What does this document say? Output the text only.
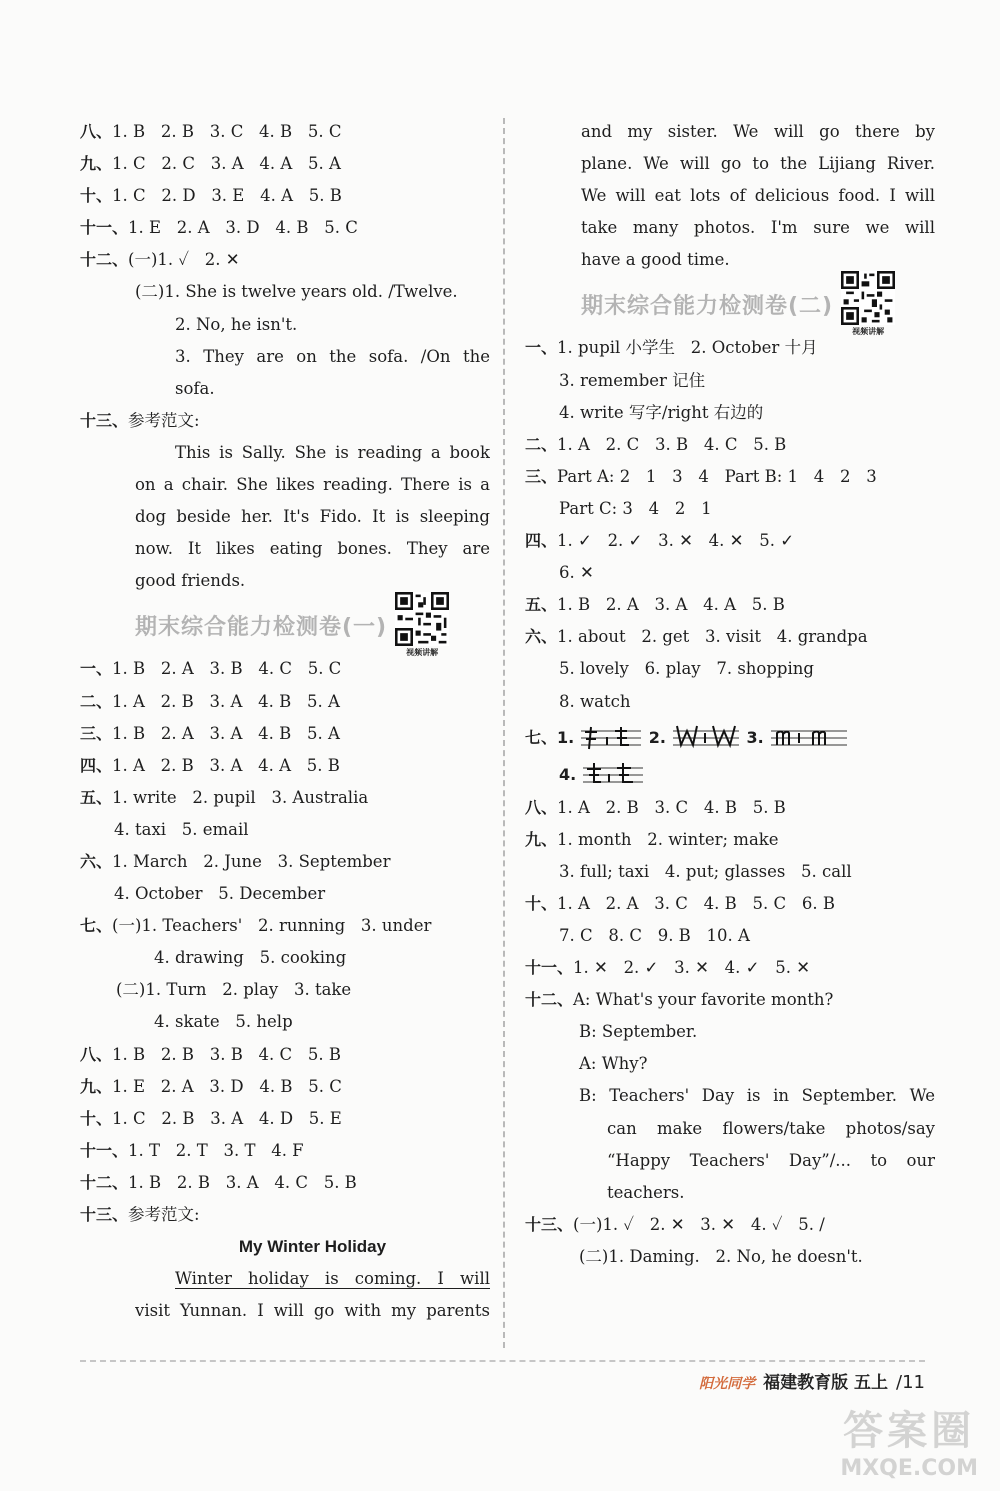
八、1. B   2. B   3. C   4. B   5. C
九、1. C   2. C   3. A   4. A   5. A
十、1. C   2. D   3. E   4. A   5. B
十一、1. E   2. A   3. D   4. B   5. C
十二、(一)1. ✓   2. ✕
(二)1. She is twelve years old. /Twelve.
2. No, he isn't.
3. They are on the sofa. /On the
sofa.
十三、参考范文:
This is Sally. She is reading a book
on a chair. She likes reading. There is a
dog beside her. It's Fido. It is sleeping
now. It likes eating bones. They are
good friends.
期末综合能力检测卷(一)
视频讲解
一、1. B   2. A   3. B   4. C   5. C
二、1. A   2. B   3. A   4. B   5. A
三、1. B   2. A   3. A   4. B   5. A
四、1. A   2. B   3. A   4. A   5. B
五、1. write   2. pupil   3. Australia
4. taxi   5. email
六、1. March   2. June   3. September
4. October   5. December
七、(一)1. Teachers'   2. running   3. under
4. drawing   5. cooking
(二)1. Turn   2. play   3. take
4. skate   5. help
八、1. B   2. B   3. B   4. C   5. B
九、1. E   2. A   3. D   4. B   5. C
十、1. C   2. B   3. A   4. D   5. E
十一、1. T   2. T   3. T   4. F
十二、1. B   2. B   3. A   4. C   5. B
十三、参考范文:
My Winter Holiday
Winter holiday is coming. I will
visit Yunnan. I will go with my parents
and my sister. We will go there by
plane. We will go to the Lijiang River.
We will eat lots of delicious food. I will
take many photos. I'm sure we will
have a good time.
期末综合能力检测卷(二)
视频讲解
一、1. pupil 小学生   2. October 十月
3. remember 记住
4. write 写字/right 右边的
二、1. A   2. C   3. B   4. C   5. B
三、Part A: 2   1   3   4   Part B: 1   4   2   3
Part C: 3   4   2   1
四、1. ✓   2. ✓   3. ✕   4. ✕   5. ✓
6. ✕
五、1. B   2. A   3. A   4. A   5. B
六、1. about   2. get   3. visit   4. grandpa
5. lovely   6. play   7. shopping
8. watch
七、1.	2.	3.
4.
八、1. A   2. B   3. C   4. B   5. B
九、1. month   2. winter; make
3. full; taxi   4. put; glasses   5. call
十、1. A   2. A   3. C   4. B   5. C   6. B
7. C   8. C   9. B   10. A
十一、1. ✕   2. ✓   3. ✕   4. ✓   5. ✕
十二、A: What's your favorite month?
B: September.
A: Why?
B: Teachers' Day is in September. We
can make flowers/take photos/say
“Happy Teachers' Day”/... to our
teachers.
十三、(一)1. ✓   2. ✕   3. ✕   4. ✓   5. /
(二)1. Daming.   2. No, he doesn't.
阳光同学 福建教育版 五上 /11
答案圈
MXQE.COM
